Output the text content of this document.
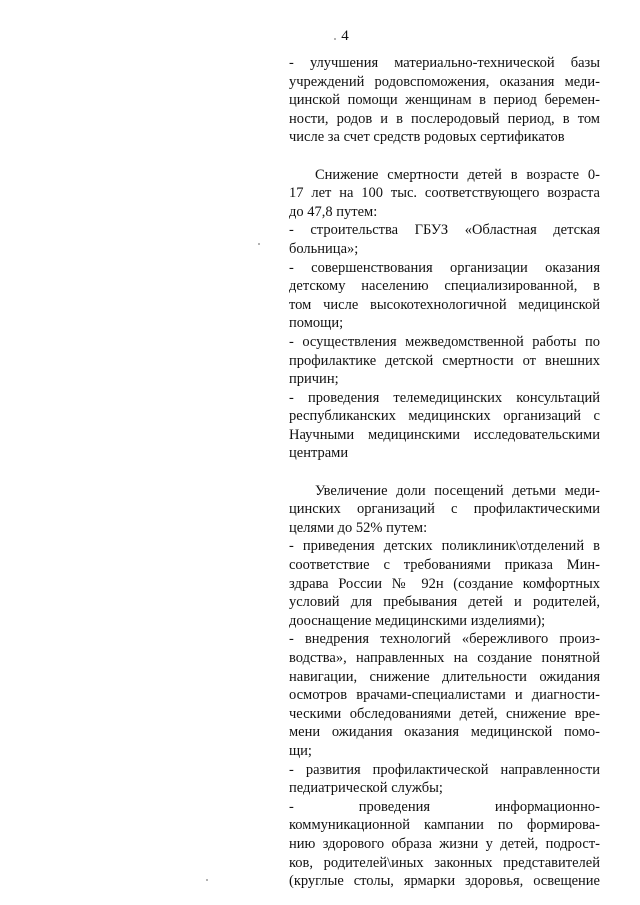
4
- улучшения материально-технической базы
учреждений родовспоможения, оказания меди-
цинской помощи женщинам в период беремен-
ности, родов и в послеродовый период, в том
числе за счет средств родовых сертификатов
Снижение смертности детей в возрасте 0-
17 лет на 100 тыс. соответствующего возраста
до 47,8 путем:
- строительства ГБУЗ «Областная детская
больница»;
- совершенствования организации оказания
детскому населению специализированной, в
том числе высокотехнологичной медицинской
помощи;
- осуществления межведомственной работы по
профилактике детской смертности от внешних
причин;
- проведения телемедицинских консультаций
республиканских медицинских организаций с
Научными медицинскими исследовательскими
центрами
Увеличение доли посещений детьми меди-
цинских организаций с профилактическими
целями до 52% путем:
- приведения детских поликлиник\отделений в
соответствие с требованиями приказа Мин-
здрава России № 92н (создание комфортных
условий для пребывания детей и родителей,
дооснащение медицинскими изделиями);
- внедрения технологий «бережливого произ-
водства», направленных на создание понятной
навигации, снижение длительности ожидания
осмотров врачами-специалистами и диагности-
ческими обследованиями детей, снижение вре-
мени ожидания оказания медицинской помо-
щи;
- развития профилактической направленности
педиатрической службы;
- проведения информационно-
коммуникационной кампании по формирова-
нию здорового образа жизни у детей, подрост-
ков, родителей\иных законных представителей
(круглые столы, ярмарки здоровья, освещение
